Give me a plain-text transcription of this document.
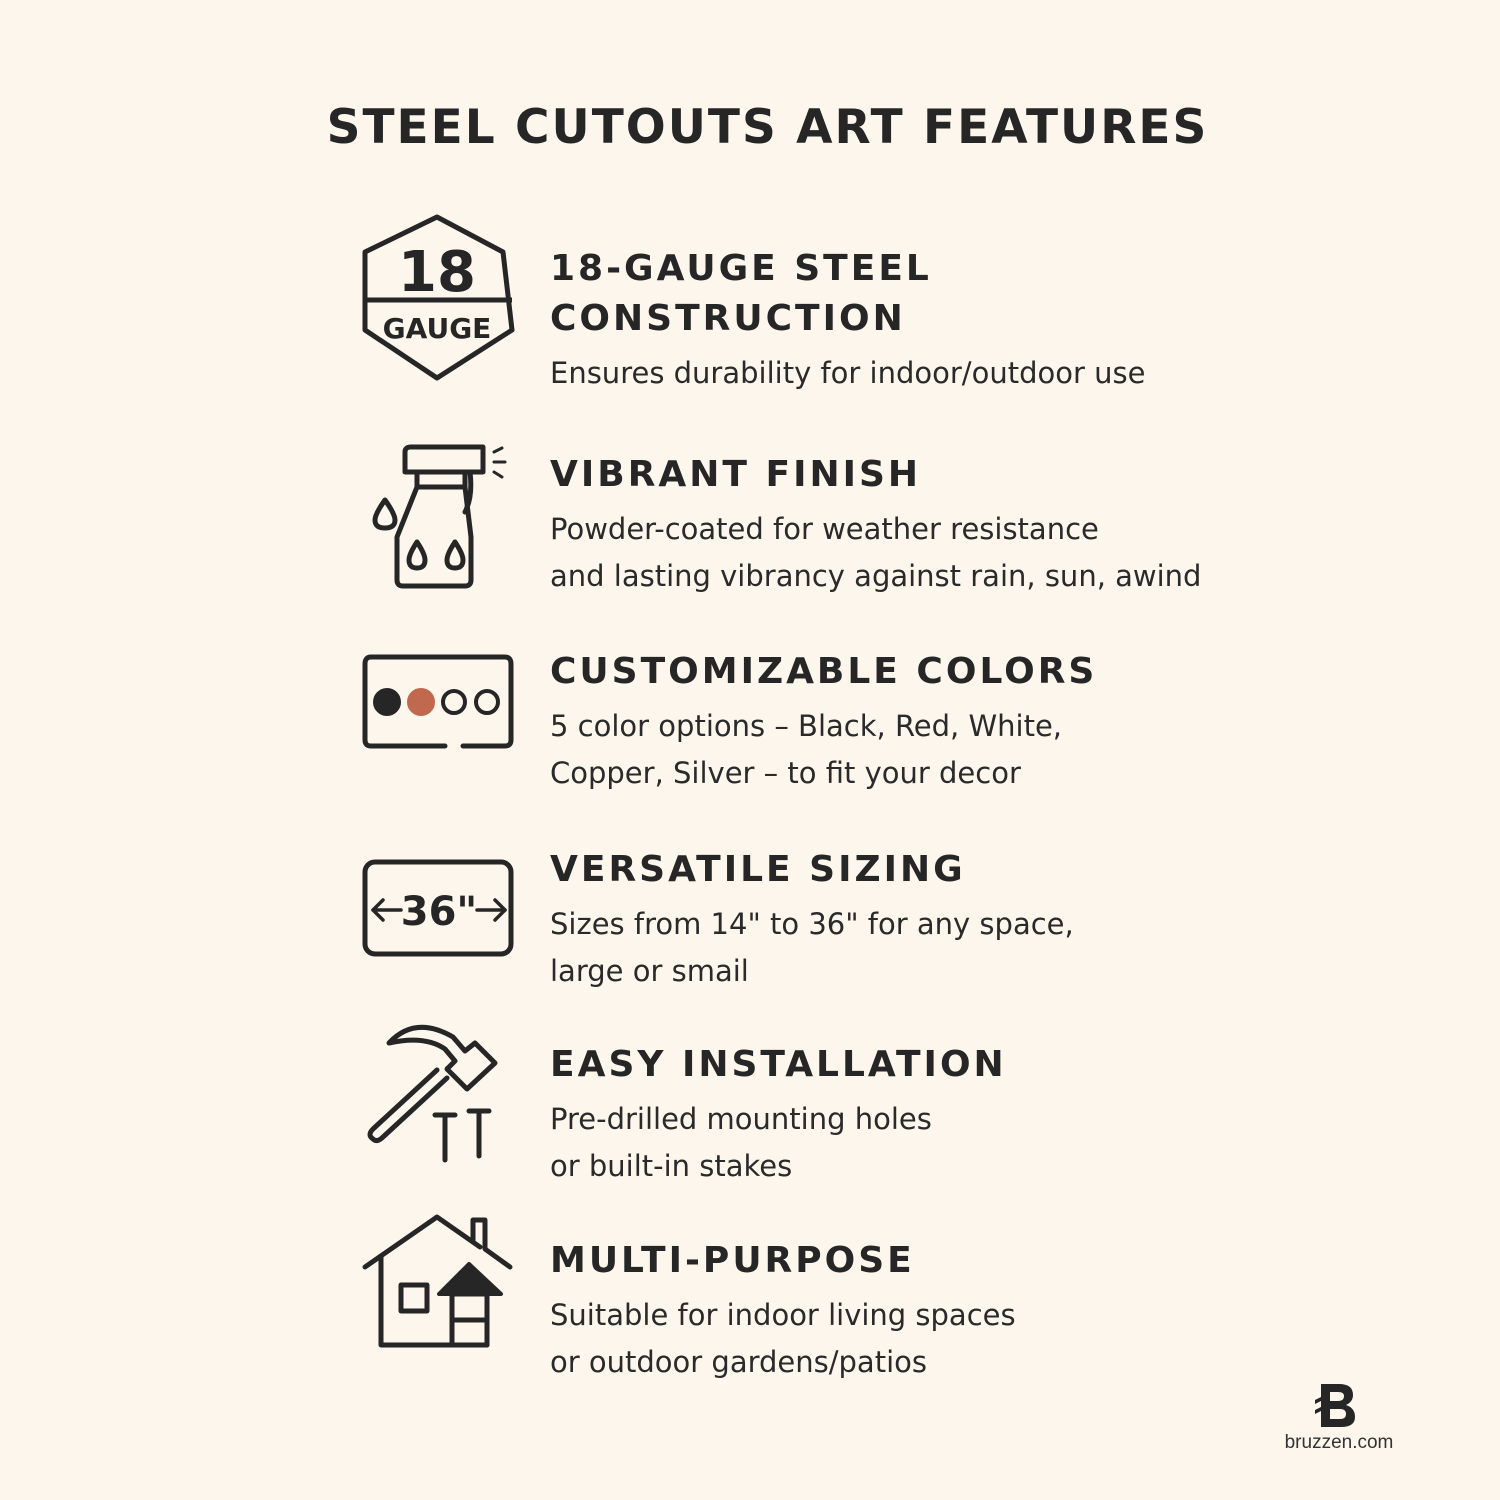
STEEL CUTOUTS ART FEATURES
18
GAUGE
18-GAUGE STEEL
CONSTRUCTION

Ensures durability for indoor/outdoor use

VIBRANT FINISH

Powder-coated for weather resistance
and lasting vibrancy against rain, sun, awind

CUSTOMIZABLE COLORS

5 color options – Black, Red, White,
Copper, Silver – to fit your decor

36"
VERSATILE SIZING

Sizes from 14" to 36" for any space,
large or smail

EASY INSTALLATION

Pre-drilled mounting holes
or built-in stakes

MULTI-PURPOSE

Suitable for indoor living spaces
or outdoor gardens/patios

bruzzen.com
